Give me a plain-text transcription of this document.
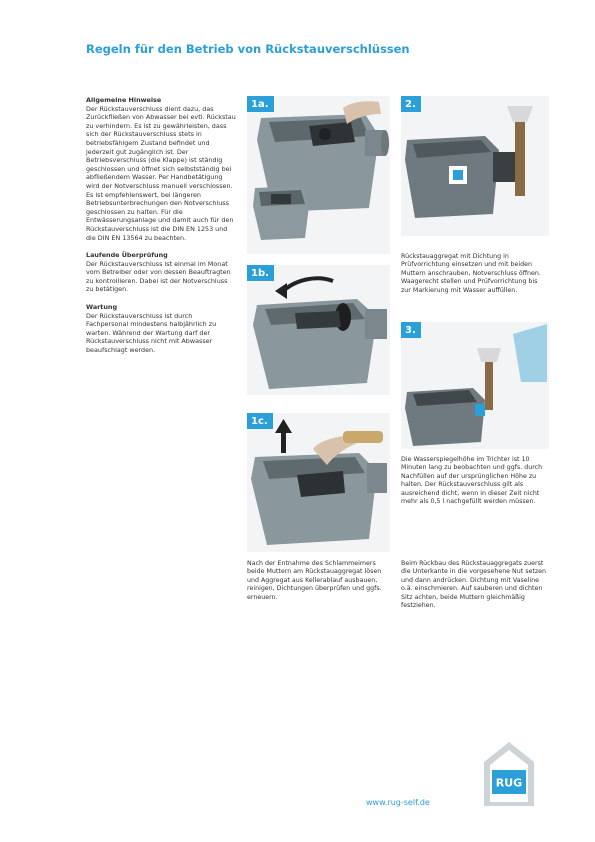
Regeln für den Betrieb von Rückstauverschlüssen

Allgemeine Hinweise

Der Rückstauverschluss dient dazu, das Zurückfließen von Abwasser bei evtl. Rückstau zu verhindern. Es ist zu gewährleisten, dass sich der Rückstauverschluss stets in betriebsfähigem Zustand befindet und jederzeit gut zugänglich ist. Der Betriebsverschluss (die Klappe) ist ständig geschlossen und öffnet sich selbstständig bei abfließendem Wasser. Per Handbetätigung wird der Notverschluss manuell verschlossen. Es ist empfehlenswert, bei längeren Betriebsunterbrechungen den Notverschluss geschlossen zu halten. Für die Entwässerungsanlage und damit auch für den Rückstauverschluss ist die DIN EN 1253 und die DIN EN 13564 zu beachten.

Laufende Überprüfung

Der Rückstauverschluss ist einmal im Monat vom Betreiber oder von dessen Beauftragten zu kontrollieren. Dabei ist der Notverschluss zu betätigen.

Wartung

Der Rückstauverschluss ist durch Fachpersonal mindestens halbjährlich zu warten. Während der Wartung darf der Rückstauverschluss nicht mit Abwasser beaufschlagt werden.

1a.
1b.
1c.
Nach der Entnahme des Schlammeimers beide Muttern am Rückstauaggregat lösen und Aggregat aus Kellerablauf ausbauen, reinigen, Dichtungen überprüfen und ggfs. erneuern.
2.
Rückstauaggregat mit Dichtung in Prüfvorrichtung einsetzen und mit beiden Muttern anschrauben, Notverschluss öffnen. Waagerecht stellen und Prüfvorrichtung bis zur Markierung mit Wasser auffüllen.
3.
Die Wasserspiegelhöhe im Trichter ist 10 Minuten lang zu beobachten und ggfs. durch Nachfüllen auf der ursprünglichen Höhe zu halten. Der Rückstauverschluss gilt als ausreichend dicht, wenn in dieser Zeit nicht mehr als 0,5 l nachgefüllt werden müssen.
Beim Rückbau des Rückstauaggregats zuerst die Unterkante in die vorgesehene Nut setzen und dann andrücken. Dichtung mit Vaseline o.ä. einschmieren. Auf sauberen und dichten Sitz achten, beide Muttern gleichmäßig festziehen.
www.rug-self.de
RUG
